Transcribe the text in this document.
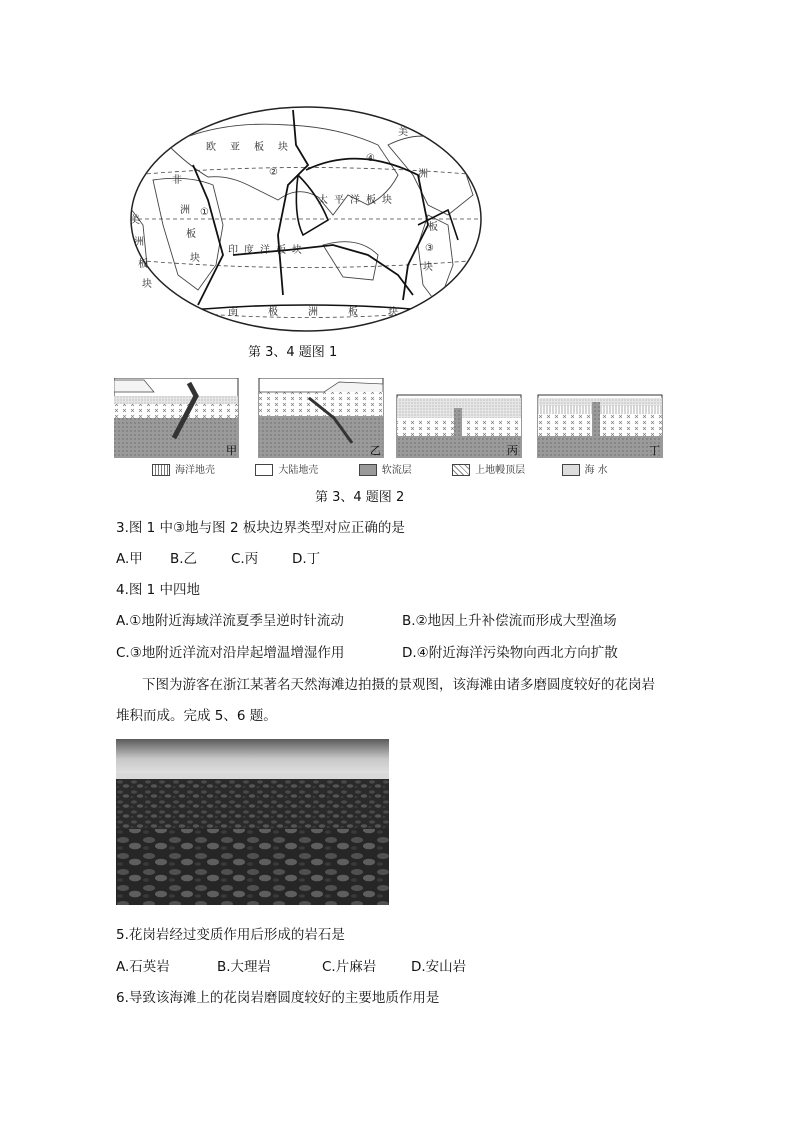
欧 亚 板 块
太 平 洋 板 块
非
洲
板
块
印 度 洋 板 块
洲
板
块
美
美
洲
板
块
南	极	洲	板	块
①
②
③
④
第 3、4 题图 1
甲	乙	丙	丁
海洋地壳	大陆地壳	软流层	上地幔顶层	海 水
第 3、4 题图 2
3.图 1 中③地与图 2 板块边界类型对应正确的是
A.甲 B.乙	C.丙	D.丁
4.图 1 中四地
A.①地附近海域洋流夏季呈逆时针流动	B.②地因上升补偿流而形成大型渔场
C.③地附近洋流对沿岸起增温增湿作用	D.④附近海洋污染物向西北方向扩散
下图为游客在浙江某著名天然海滩边拍摄的景观图，该海滩由诸多磨圆度较好的花岗岩
堆积而成。完成 5、6 题。
5.花岗岩经过变质作用后形成的岩石是
A.石英岩	B.大理岩	C.片麻岩	D.安山岩
6.导致该海滩上的花岗岩磨圆度较好的主要地质作用是
